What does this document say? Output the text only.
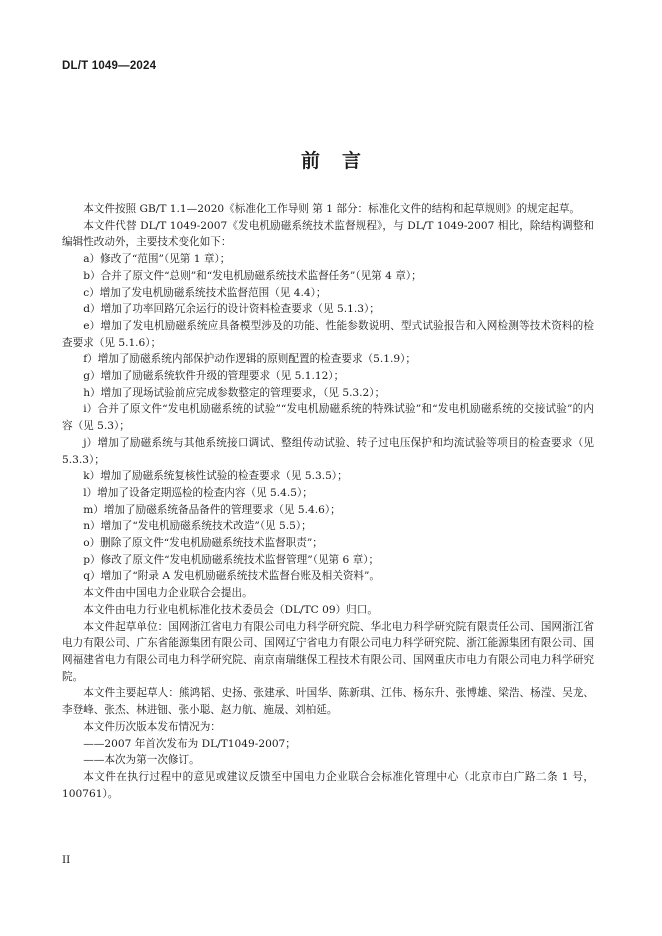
DL/T 1049—2024
前言

本文件按照 GB/T 1.1—2020《标准化工作导则 第 1 部分：标准化文件的结构和起草规则》的规定起草。

本文件代替 DL/T 1049-2007《发电机励磁系统技术监督规程》，与 DL/T 1049-2007 相比，除结构调整和编辑性改动外，主要技术变化如下：

a）修改了“范围”（见第 1 章）；

b）合并了原文件“总则”和“发电机励磁系统技术监督任务”（见第 4 章）；

c）增加了发电机励磁系统技术监督范围（见 4.4）；

d）增加了功率回路冗余运行的设计资料检查要求（见 5.1.3）；

e）增加了发电机励磁系统应具备模型涉及的功能、性能参数说明、型式试验报告和入网检测等技术资料的检查要求（见 5.1.6）；

f）增加了励磁系统内部保护动作逻辑的原则配置的检查要求（5.1.9）；

g）增加了励磁系统软件升级的管理要求（见 5.1.12）；

h）增加了现场试验前应完成参数整定的管理要求，（见 5.3.2）；

i）合并了原文件“发电机励磁系统的试验”“发电机励磁系统的特殊试验”和“发电机励磁系统的交接试验”的内容（见 5.3）；

j）增加了励磁系统与其他系统接口调试、整组传动试验、转子过电压保护和均流试验等项目的检查要求（见 5.3.3）；

k）增加了励磁系统复核性试验的检查要求（见 5.3.5）；

l）增加了设备定期巡检的检查内容（见 5.4.5）；

m）增加了励磁系统备品备件的管理要求（见 5.4.6）；

n）增加了“发电机励磁系统技术改造”（见 5.5）；

o）删除了原文件“发电机励磁系统技术监督职责”；

p）修改了原文件“发电机励磁系统技术监督管理”（见第 6 章）；

q）增加了“附录 A 发电机励磁系统技术监督台账及相关资料”。

本文件由中国电力企业联合会提出。

本文件由电力行业电机标准化技术委员会（DL/TC 09）归口。

本文件起草单位：国网浙江省电力有限公司电力科学研究院、华北电力科学研究院有限责任公司、国网浙江省电力有限公司、广东省能源集团有限公司、国网辽宁省电力有限公司电力科学研究院、浙江能源集团有限公司、国网福建省电力有限公司电力科学研究院、南京南瑞继保工程技术有限公司、国网重庆市电力有限公司电力科学研究院。

本文件主要起草人：熊鸿韬、史扬、张建承、叶国华、陈新琪、江伟、杨东升、张博雄、梁浩、杨滢、吴龙、李登峰、张杰、林进钿、张小聪、赵力航、施晟、刘柏延。

本文件历次版本发布情况为：

——2007 年首次发布为 DL/T1049-2007；

——本次为第一次修订。

本文件在执行过程中的意见或建议反馈至中国电力企业联合会标准化管理中心（北京市白广路二条 1 号，100761）。

II
